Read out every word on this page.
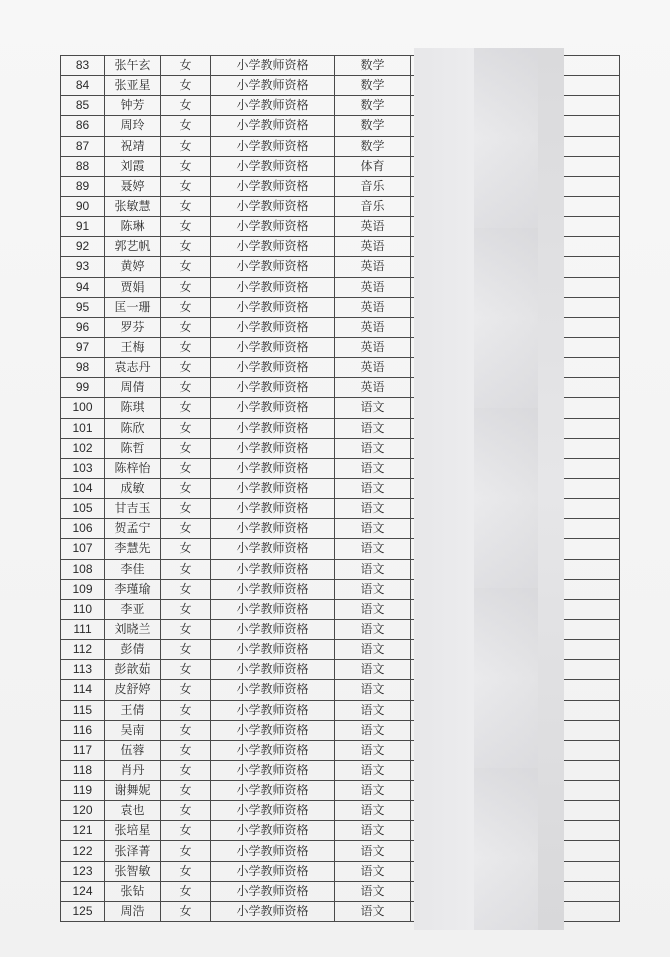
83	张午玄	女	小学教师资格	数学		
84	张亚星	女	小学教师资格	数学		
85	钟芳	女	小学教师资格	数学		
86	周玲	女	小学教师资格	数学		
87	祝靖	女	小学教师资格	数学		
88	刘霞	女	小学教师资格	体育		
89	聂婷	女	小学教师资格	音乐		
90	张敏慧	女	小学教师资格	音乐		
91	陈琳	女	小学教师资格	英语		
92	郭艺帆	女	小学教师资格	英语		
93	黄婷	女	小学教师资格	英语		
94	贾娟	女	小学教师资格	英语		
95	匡一珊	女	小学教师资格	英语		
96	罗芬	女	小学教师资格	英语		
97	王梅	女	小学教师资格	英语		
98	袁志丹	女	小学教师资格	英语		
99	周倩	女	小学教师资格	英语		
100	陈琪	女	小学教师资格	语文		
101	陈欣	女	小学教师资格	语文		
102	陈哲	女	小学教师资格	语文		
103	陈梓怡	女	小学教师资格	语文		
104	成敏	女	小学教师资格	语文		
105	甘吉玉	女	小学教师资格	语文		
106	贺孟宁	女	小学教师资格	语文		
107	李慧先	女	小学教师资格	语文		
108	李佳	女	小学教师资格	语文		
109	李瑾瑜	女	小学教师资格	语文		
110	李亚	女	小学教师资格	语文		
111	刘晓兰	女	小学教师资格	语文		
112	彭倩	女	小学教师资格	语文		
113	彭歆茹	女	小学教师资格	语文		
114	皮舒婷	女	小学教师资格	语文		
115	王倩	女	小学教师资格	语文		
116	吴南	女	小学教师资格	语文		
117	伍蓉	女	小学教师资格	语文		
118	肖丹	女	小学教师资格	语文		
119	谢舞妮	女	小学教师资格	语文		
120	袁也	女	小学教师资格	语文		
121	张培星	女	小学教师资格	语文		
122	张泽菁	女	小学教师资格	语文		
123	张智敏	女	小学教师资格	语文		
124	张钻	女	小学教师资格	语文		
125	周浩	女	小学教师资格	语文		
